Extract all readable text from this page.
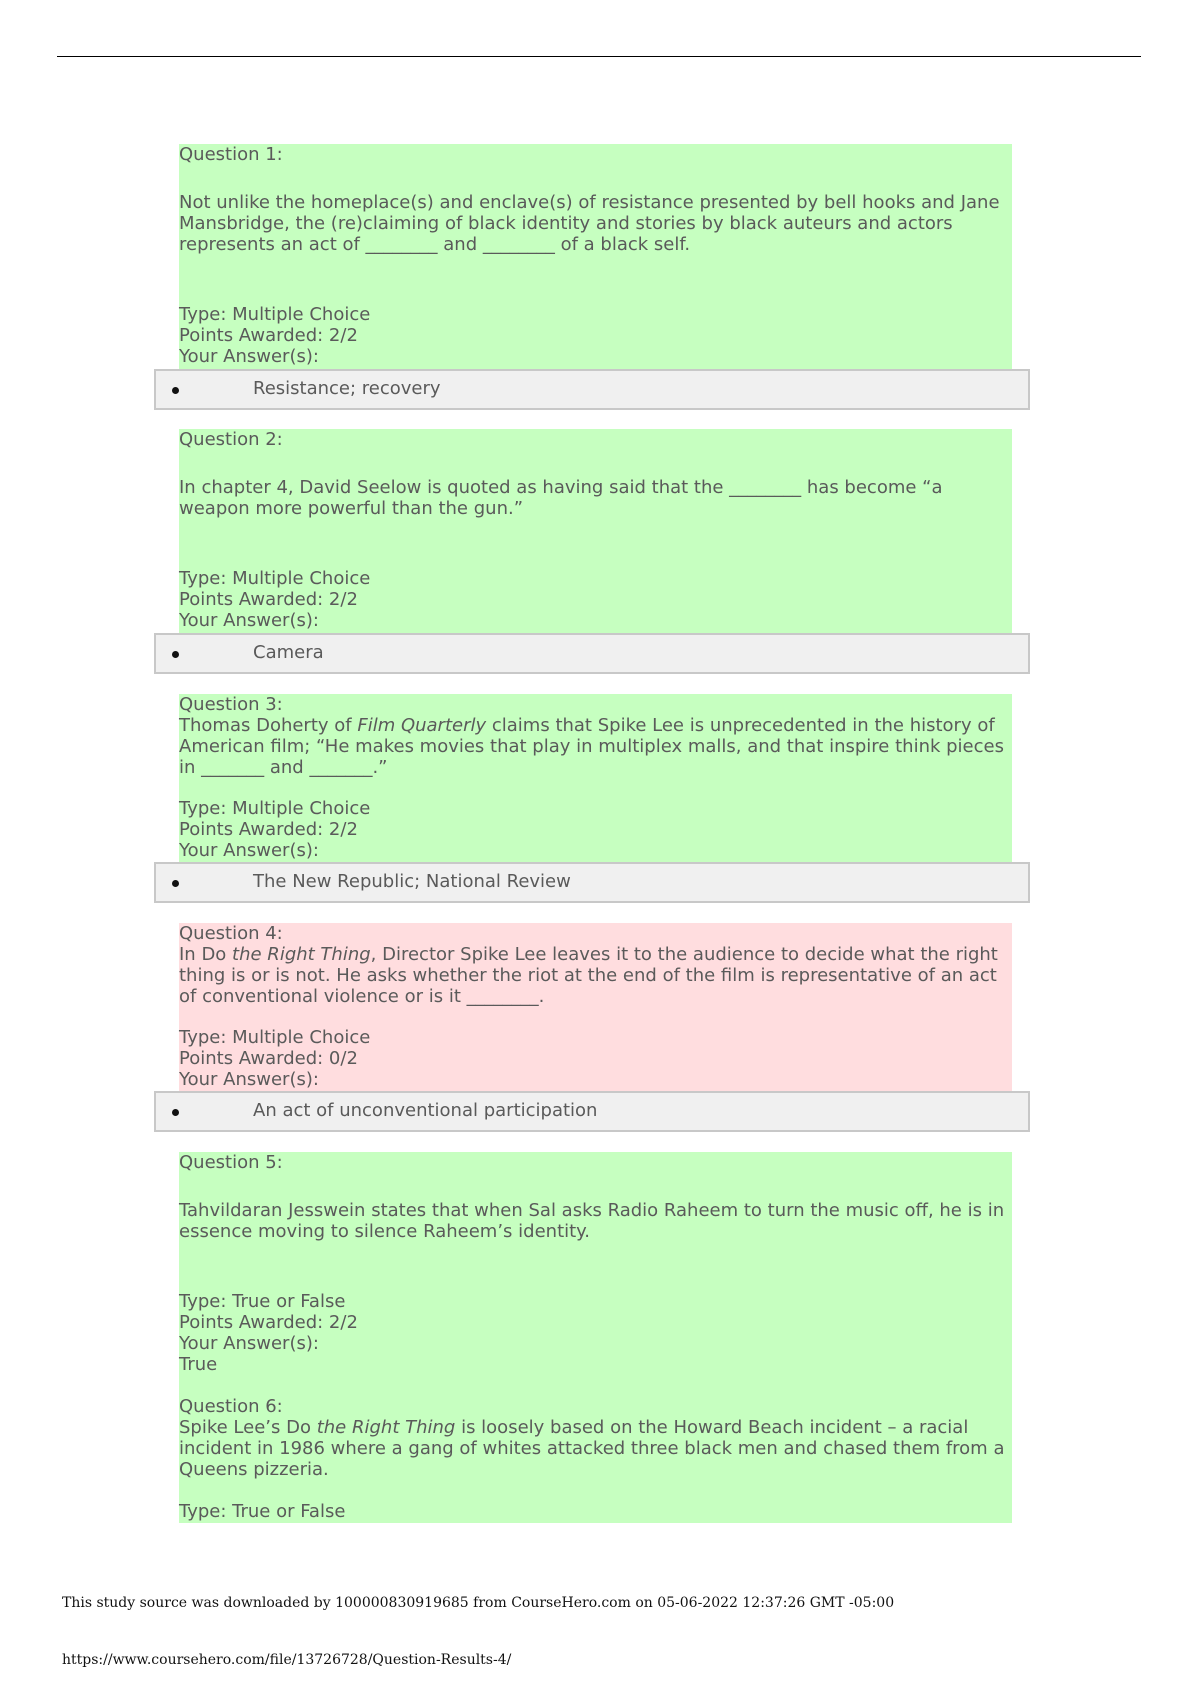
Question 1:

Not unlike the homeplace(s) and enclave(s) of resistance presented by bell hooks and Jane Mansbridge, the (re)claiming of black identity and stories by black auteurs and actors represents an act of ________ and ________ of a black self.

Type: Multiple Choice

Points Awarded: 2/2

Your Answer(s):

Resistance; recovery

Question 2:

In chapter 4, David Seelow is quoted as having said that the ________ has become “a weapon more powerful than the gun.”

Type: Multiple Choice

Points Awarded: 2/2

Your Answer(s):

Camera

Question 3:

Thomas Doherty of Film Quarterly claims that Spike Lee is unprecedented in the history of American film; “He makes movies that play in multiplex malls, and that inspire think pieces in _______ and _______.”

Type: Multiple Choice

Points Awarded: 2/2

Your Answer(s):

The New Republic; National Review

Question 4:

In Do the Right Thing, Director Spike Lee leaves it to the audience to decide what the right thing is or is not. He asks whether the riot at the end of the film is representative of an act of conventional violence or is it ________.

Type: Multiple Choice

Points Awarded: 0/2

Your Answer(s):

An act of unconventional participation

Question 5:

Tahvildaran Jesswein states that when Sal asks Radio Raheem to turn the music off, he is in essence moving to silence Raheem’s identity.

Type: True or False

Points Awarded: 2/2

Your Answer(s):

True

Question 6:

Spike Lee’s Do the Right Thing is loosely based on the Howard Beach incident – a racial incident in 1986 where a gang of whites attacked three black men and chased them from a Queens pizzeria.

Type: True or False

This study source was downloaded by 100000830919685 from CourseHero.com on 05-06-2022 12:37:26 GMT -05:00
https://www.coursehero.com/file/13726728/Question-Results-4/
